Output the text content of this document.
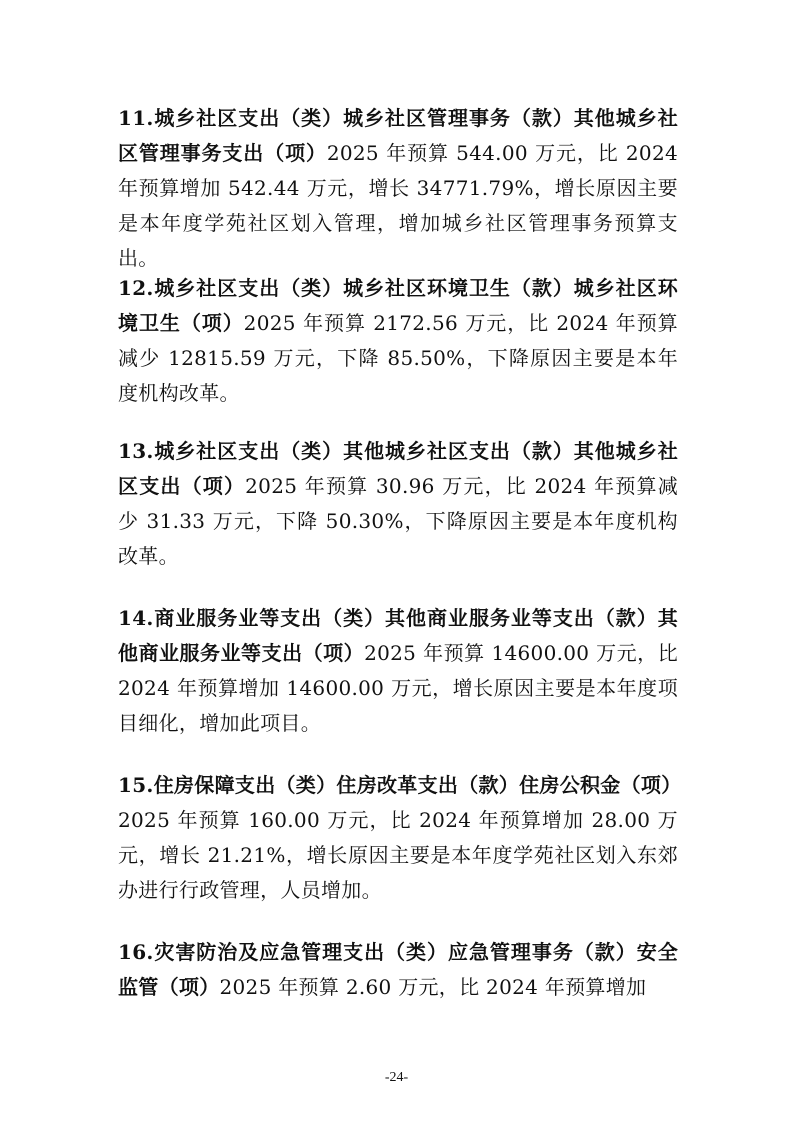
11.城乡社区支出（类）城乡社区管理事务（款）其他城乡社区管理事务支出（项）2025 年预算 544.00 万元，比 2024 年预算增加 542.44 万元，增长 34771.79%，增长原因主要是本年度学苑社区划入管理，增加城乡社区管理事务预算支出。

12.城乡社区支出（类）城乡社区环境卫生（款）城乡社区环境卫生（项）2025 年预算 2172.56 万元，比 2024 年预算减少 12815.59 万元，下降 85.50%，下降原因主要是本年度机构改革。

13.城乡社区支出（类）其他城乡社区支出（款）其他城乡社区支出（项）2025 年预算 30.96 万元，比 2024 年预算减少 31.33 万元，下降 50.30%，下降原因主要是本年度机构改革。

14.商业服务业等支出（类）其他商业服务业等支出（款）其他商业服务业等支出（项）2025 年预算 14600.00 万元，比 2024 年预算增加 14600.00 万元，增长原因主要是本年度项目细化，增加此项目。

15.住房保障支出（类）住房改革支出（款）住房公积金（项）2025 年预算 160.00 万元，比 2024 年预算增加 28.00 万元，增长 21.21%，增长原因主要是本年度学苑社区划入东郊办进行行政管理，人员增加。

16.灾害防治及应急管理支出（类）应急管理事务（款）安全监管（项）2025 年预算 2.60 万元，比 2024 年预算增加

-24-
